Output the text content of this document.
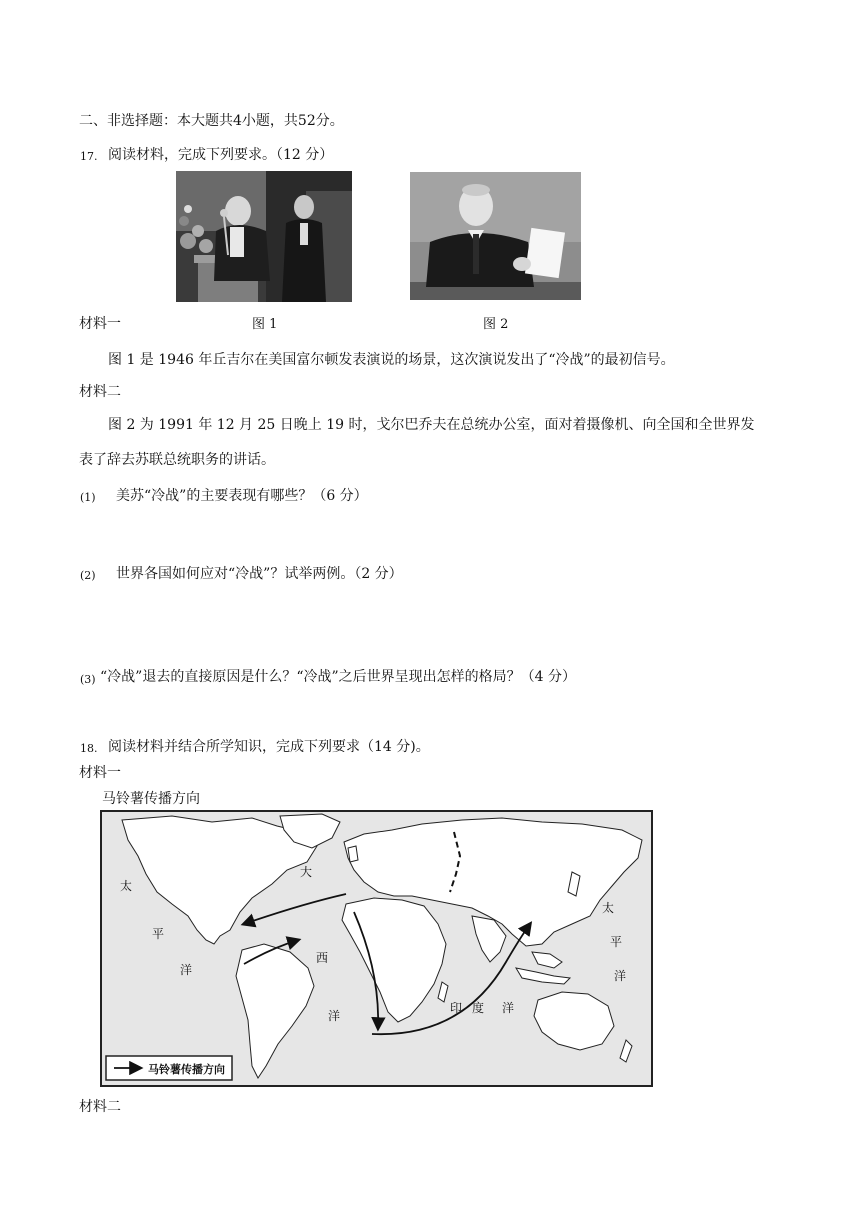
二、非选择题：本大题共4小题，共52分。
17. 阅读材料，完成下列要求。（12 分）
材料一	图 1	图 2
图 1 是 1946 年丘吉尔在美国富尔顿发表演说的场景，这次演说发出了“冷战”的最初信号。
材料二
图 2 为 1991 年 12 月 25 日晚上 19 时，戈尔巴乔夫在总统办公室，面对着摄像机、向全国和全世界发
表了辞去苏联总统职务的讲话。
(1) 美苏“冷战”的主要表现有哪些？（6 分）
(2) 世界各国如何应对“冷战”？试举两例。（2 分）
(3) “冷战”退去的直接原因是什么？“冷战”之后世界呈现出怎样的格局？（4 分）
18. 阅读材料并结合所学知识，完成下列要求（14 分)。
材料一
马铃薯传播方向
太
平
洋
大
西
洋
印 度 洋
太
平
洋
马铃薯传播方向
材料二
